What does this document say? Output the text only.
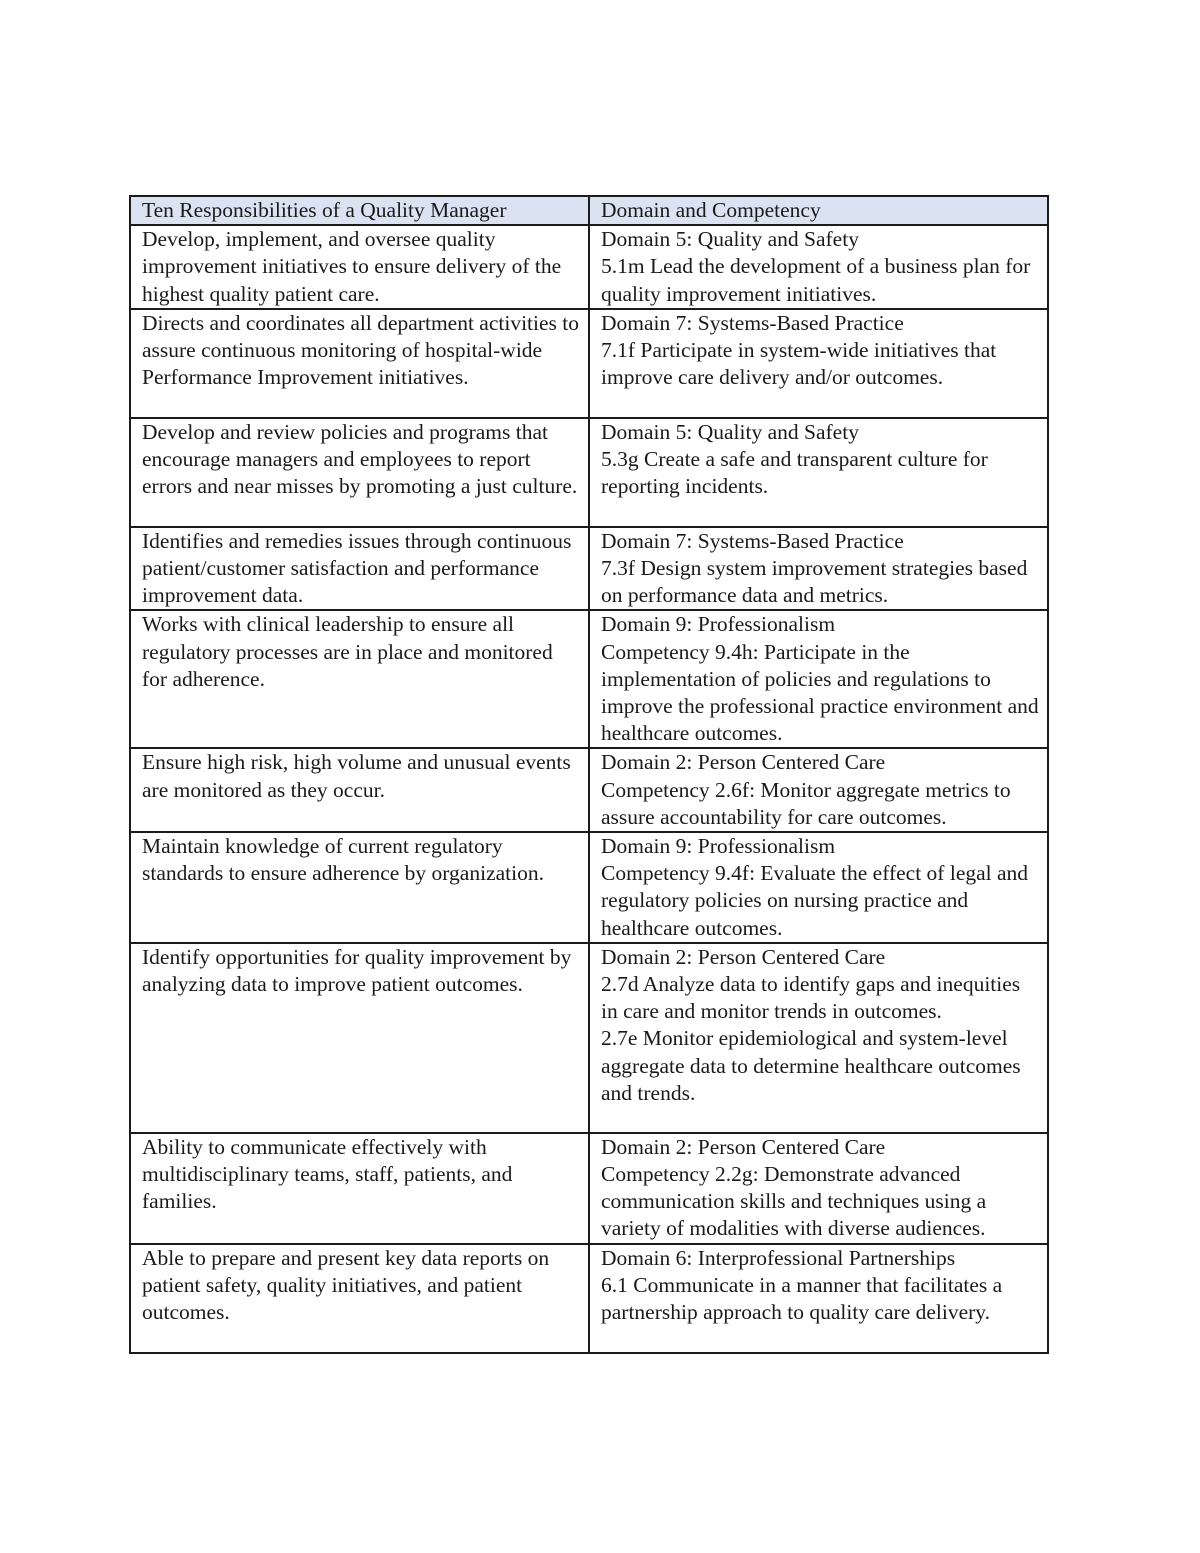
Ten Responsibilities of a Quality Manager	Domain and Competency
Develop, implement, and oversee quality improvement initiatives to ensure delivery of the highest quality patient care.	Domain 5: Quality and Safety
5.1m Lead the development of a business plan for quality improvement initiatives.

Directs and coordinates all department activities to assure continuous monitoring of hospital-wide Performance Improvement initiatives.	Domain 7: Systems-Based Practice
7.1f Participate in system-wide initiatives that improve care delivery and/or outcomes.

Develop and review policies and programs that encourage managers and employees to report errors and near misses by promoting a just culture.	Domain 5: Quality and Safety
5.3g Create a safe and transparent culture for reporting incidents.

Identifies and remedies issues through continuous patient/customer satisfaction and performance improvement data.	Domain 7: Systems-Based Practice
7.3f Design system improvement strategies based on performance data and metrics.

Works with clinical leadership to ensure all regulatory processes are in place and monitored for adherence.	Domain 9: Professionalism
Competency 9.4h: Participate in the implementation of policies and regulations to improve the professional practice environment and healthcare outcomes.

Ensure high risk, high volume and unusual events are monitored as they occur.	Domain 2: Person Centered Care
Competency 2.6f: Monitor aggregate metrics to assure accountability for care outcomes.

Maintain knowledge of current regulatory standards to ensure adherence by organization.	Domain 9: Professionalism
Competency 9.4f: Evaluate the effect of legal and regulatory policies on nursing practice and healthcare outcomes.

Identify opportunities for quality improvement by analyzing data to improve patient outcomes.	Domain 2: Person Centered Care
2.7d Analyze data to identify gaps and inequities in care and monitor trends in outcomes.
2.7e Monitor epidemiological and system-level aggregate data to determine healthcare outcomes and trends.

Ability to communicate effectively with multidisciplinary teams, staff, patients, and families.	Domain 2: Person Centered Care
Competency 2.2g: Demonstrate advanced communication skills and techniques using a variety of modalities with diverse audiences.

Able to prepare and present key data reports on patient safety, quality initiatives, and patient outcomes.	Domain 6: Interprofessional Partnerships
6.1 Communicate in a manner that facilitates a partnership approach to quality care delivery.
